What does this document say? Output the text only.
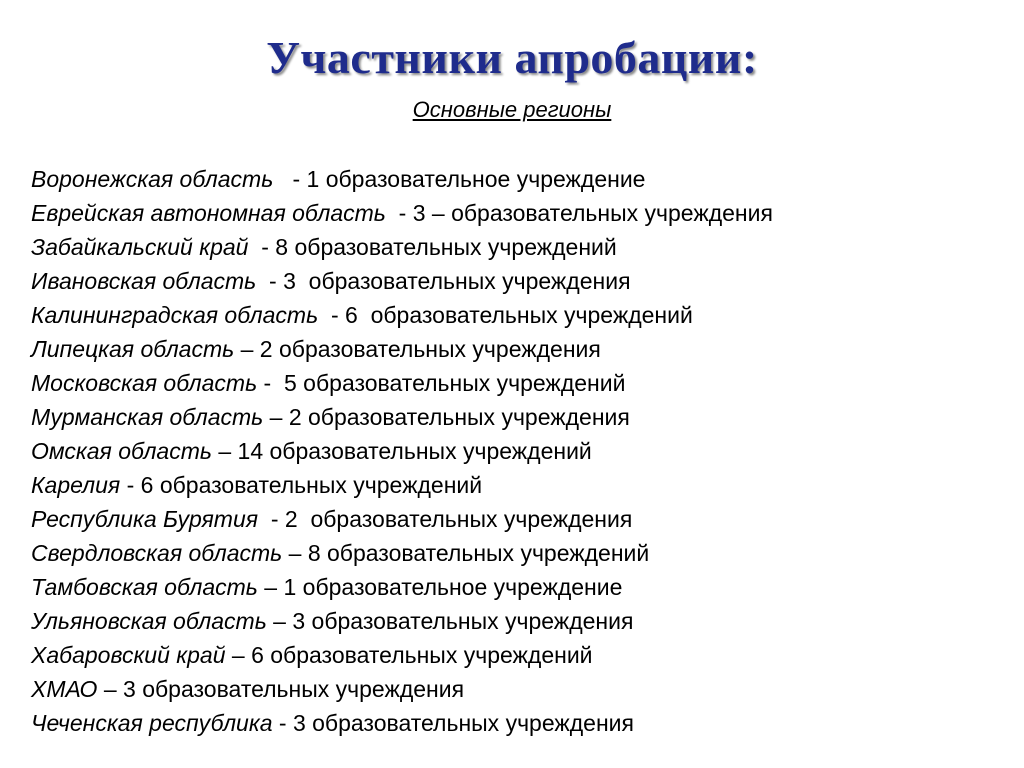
Участники апробации:
Основные регионы
Воронежская область   - 1 образовательное учреждение
Еврейская автономная область  - 3 – образовательных учреждения
Забайкальский край  - 8 образовательных учреждений
Ивановская область  - 3  образовательных учреждения
Калининградская область  - 6  образовательных учреждений
Липецкая область – 2 образовательных учреждения
Московская область -  5 образовательных учреждений
Мурманская область – 2 образовательных учреждения
Омская область – 14 образовательных учреждений
Карелия - 6 образовательных учреждений
Республика Бурятия  - 2  образовательных учреждения
Свердловская область – 8 образовательных учреждений
Тамбовская область – 1 образовательное учреждение
Ульяновская область – 3 образовательных учреждения
Хабаровский край – 6 образовательных учреждений
ХМАО – 3 образовательных учреждения
Чеченская республика - 3 образовательных учреждения
